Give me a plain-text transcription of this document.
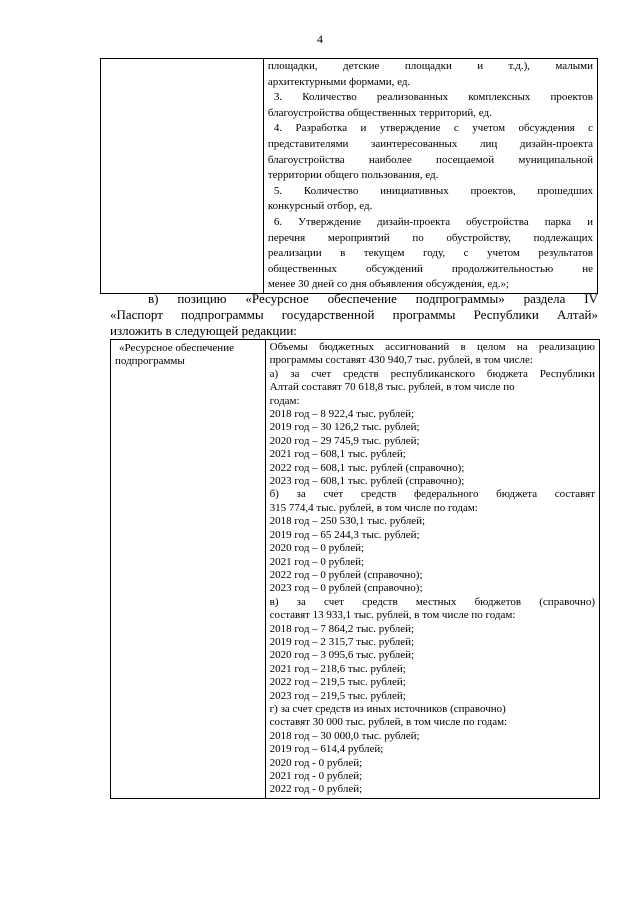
4

площадки, детские площадки и т.д.), малыми
архитектурными формами, ед.
3. Количество реализованных комплексных проектов
благоустройства общественных территорий, ед.
4. Разработка и утверждение с учетом обсуждения с
представителями заинтересованных лиц дизайн-проекта
благоустройства наиболее посещаемой муниципальной
территории общего пользования, ед.
5. Количество инициативных проектов, прошедших
конкурсный отбор, ед.
6. Утверждение дизайн-проекта обустройства парка и
перечня мероприятий по обустройству, подлежащих
реализации в текущем году, с учетом результатов
общественных обсуждений продолжительностью не
менее 30 дней со дня объявления обсуждения, ед.»;
в) позицию «Ресурсное обеспечение подпрограммы» раздела IV
«Паспорт подпрограммы государственной программы Республики Алтай»
изложить в следующей редакции:
«Ресурсное обеспечение
подпрограммы

Объемы бюджетных ассигнований в целом на реализацию
программы составят 430 940,7 тыс. рублей, в том числе:
а) за счет средств республиканского бюджета Республики
Алтай составят 70 618,8 тыс. рублей, в том числе по
годам:
2018 год – 8 922,4 тыс. рублей;
2019 год – 30 126,2 тыс. рублей;
2020 год – 29 745,9 тыс. рублей;
2021 год – 608,1 тыс. рублей;
2022 год – 608,1 тыс. рублей (справочно);
2023 год – 608,1 тыс. рублей (справочно);
б) за счет средств федерального бюджета составят
315 774,4 тыс. рублей, в том числе по годам:
2018 год – 250 530,1 тыс. рублей;
2019 год – 65 244,3 тыс. рублей;
2020 год – 0 рублей;
2021 год – 0 рублей;
2022 год – 0 рублей (справочно);
2023 год – 0 рублей (справочно);
в) за счет средств местных бюджетов (справочно)
составят 13 933,1 тыс. рублей, в том числе по годам:
2018 год – 7 864,2 тыс. рублей;
2019 год – 2 315,7 тыс. рублей;
2020 год – 3 095,6 тыс. рублей;
2021 год – 218,6 тыс. рублей;
2022 год – 219,5 тыс. рублей;
2023 год – 219,5 тыс. рублей;
г) за счет средств из иных источников (справочно)
составят 30 000 тыс. рублей, в том числе по годам:
2018 год – 30 000,0 тыс. рублей;
2019 год – 614,4 рублей;
2020 год - 0 рублей;
2021 год - 0 рублей;
2022 год - 0 рублей;
